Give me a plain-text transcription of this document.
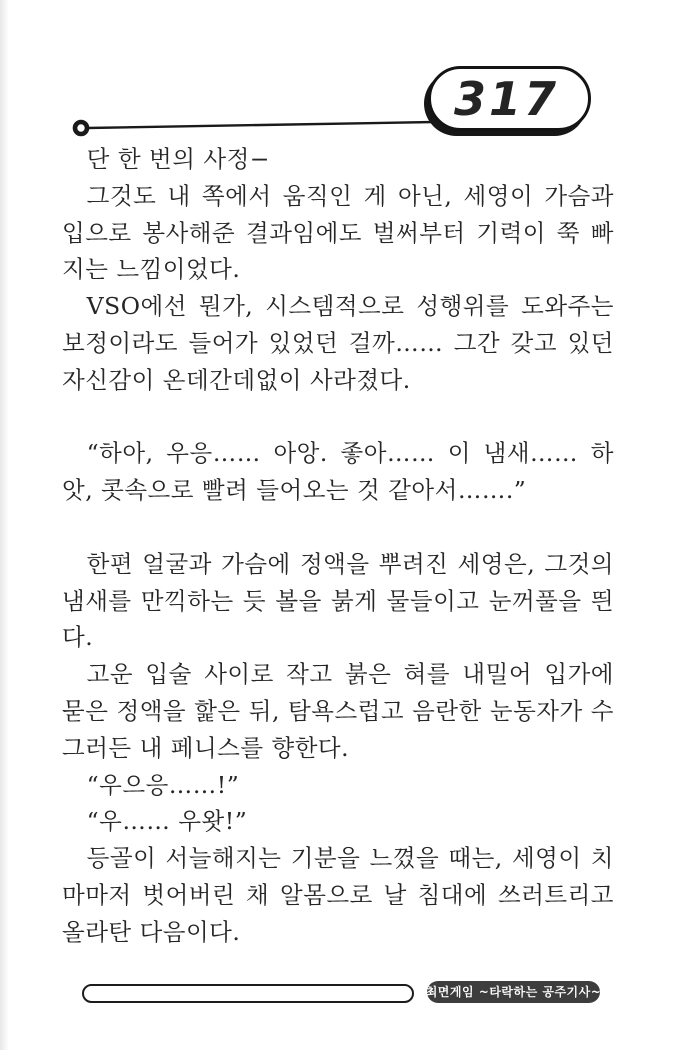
317

단 한 번의 사정−

그것도 내 쪽에서 움직인 게 아닌, 세영이 가슴과 입으로 봉사해준 결과임에도 벌써부터 기력이 쭉 빠지는 느낌이었다.

VSO에선 뭔가, 시스템적으로 성행위를 도와주는 보정이라도 들어가 있었던 걸까…… 그간 갖고 있던 자신감이 온데간데없이 사라졌다.

“하아, 우응…… 아앙. 좋아…… 이 냄새…… 하앗, 콧속으로 빨려 들어오는 것 같아서…….”

한편 얼굴과 가슴에 정액을 뿌려진 세영은, 그것의 냄새를 만끽하는 듯 볼을 붉게 물들이고 눈꺼풀을 띈다.

고운 입술 사이로 작고 붉은 혀를 내밀어 입가에 묻은 정액을 핥은 뒤, 탐욕스럽고 음란한 눈동자가 수그러든 내 페니스를 향한다.

“우으응……!”

“우…… 우왓!”

등골이 서늘해지는 기분을 느꼈을 때는, 세영이 치마마저 벗어버린 채 알몸으로 날 침대에 쓰러트리고 올라탄 다음이다.

최면게임 ~타락하는 공주기사~
